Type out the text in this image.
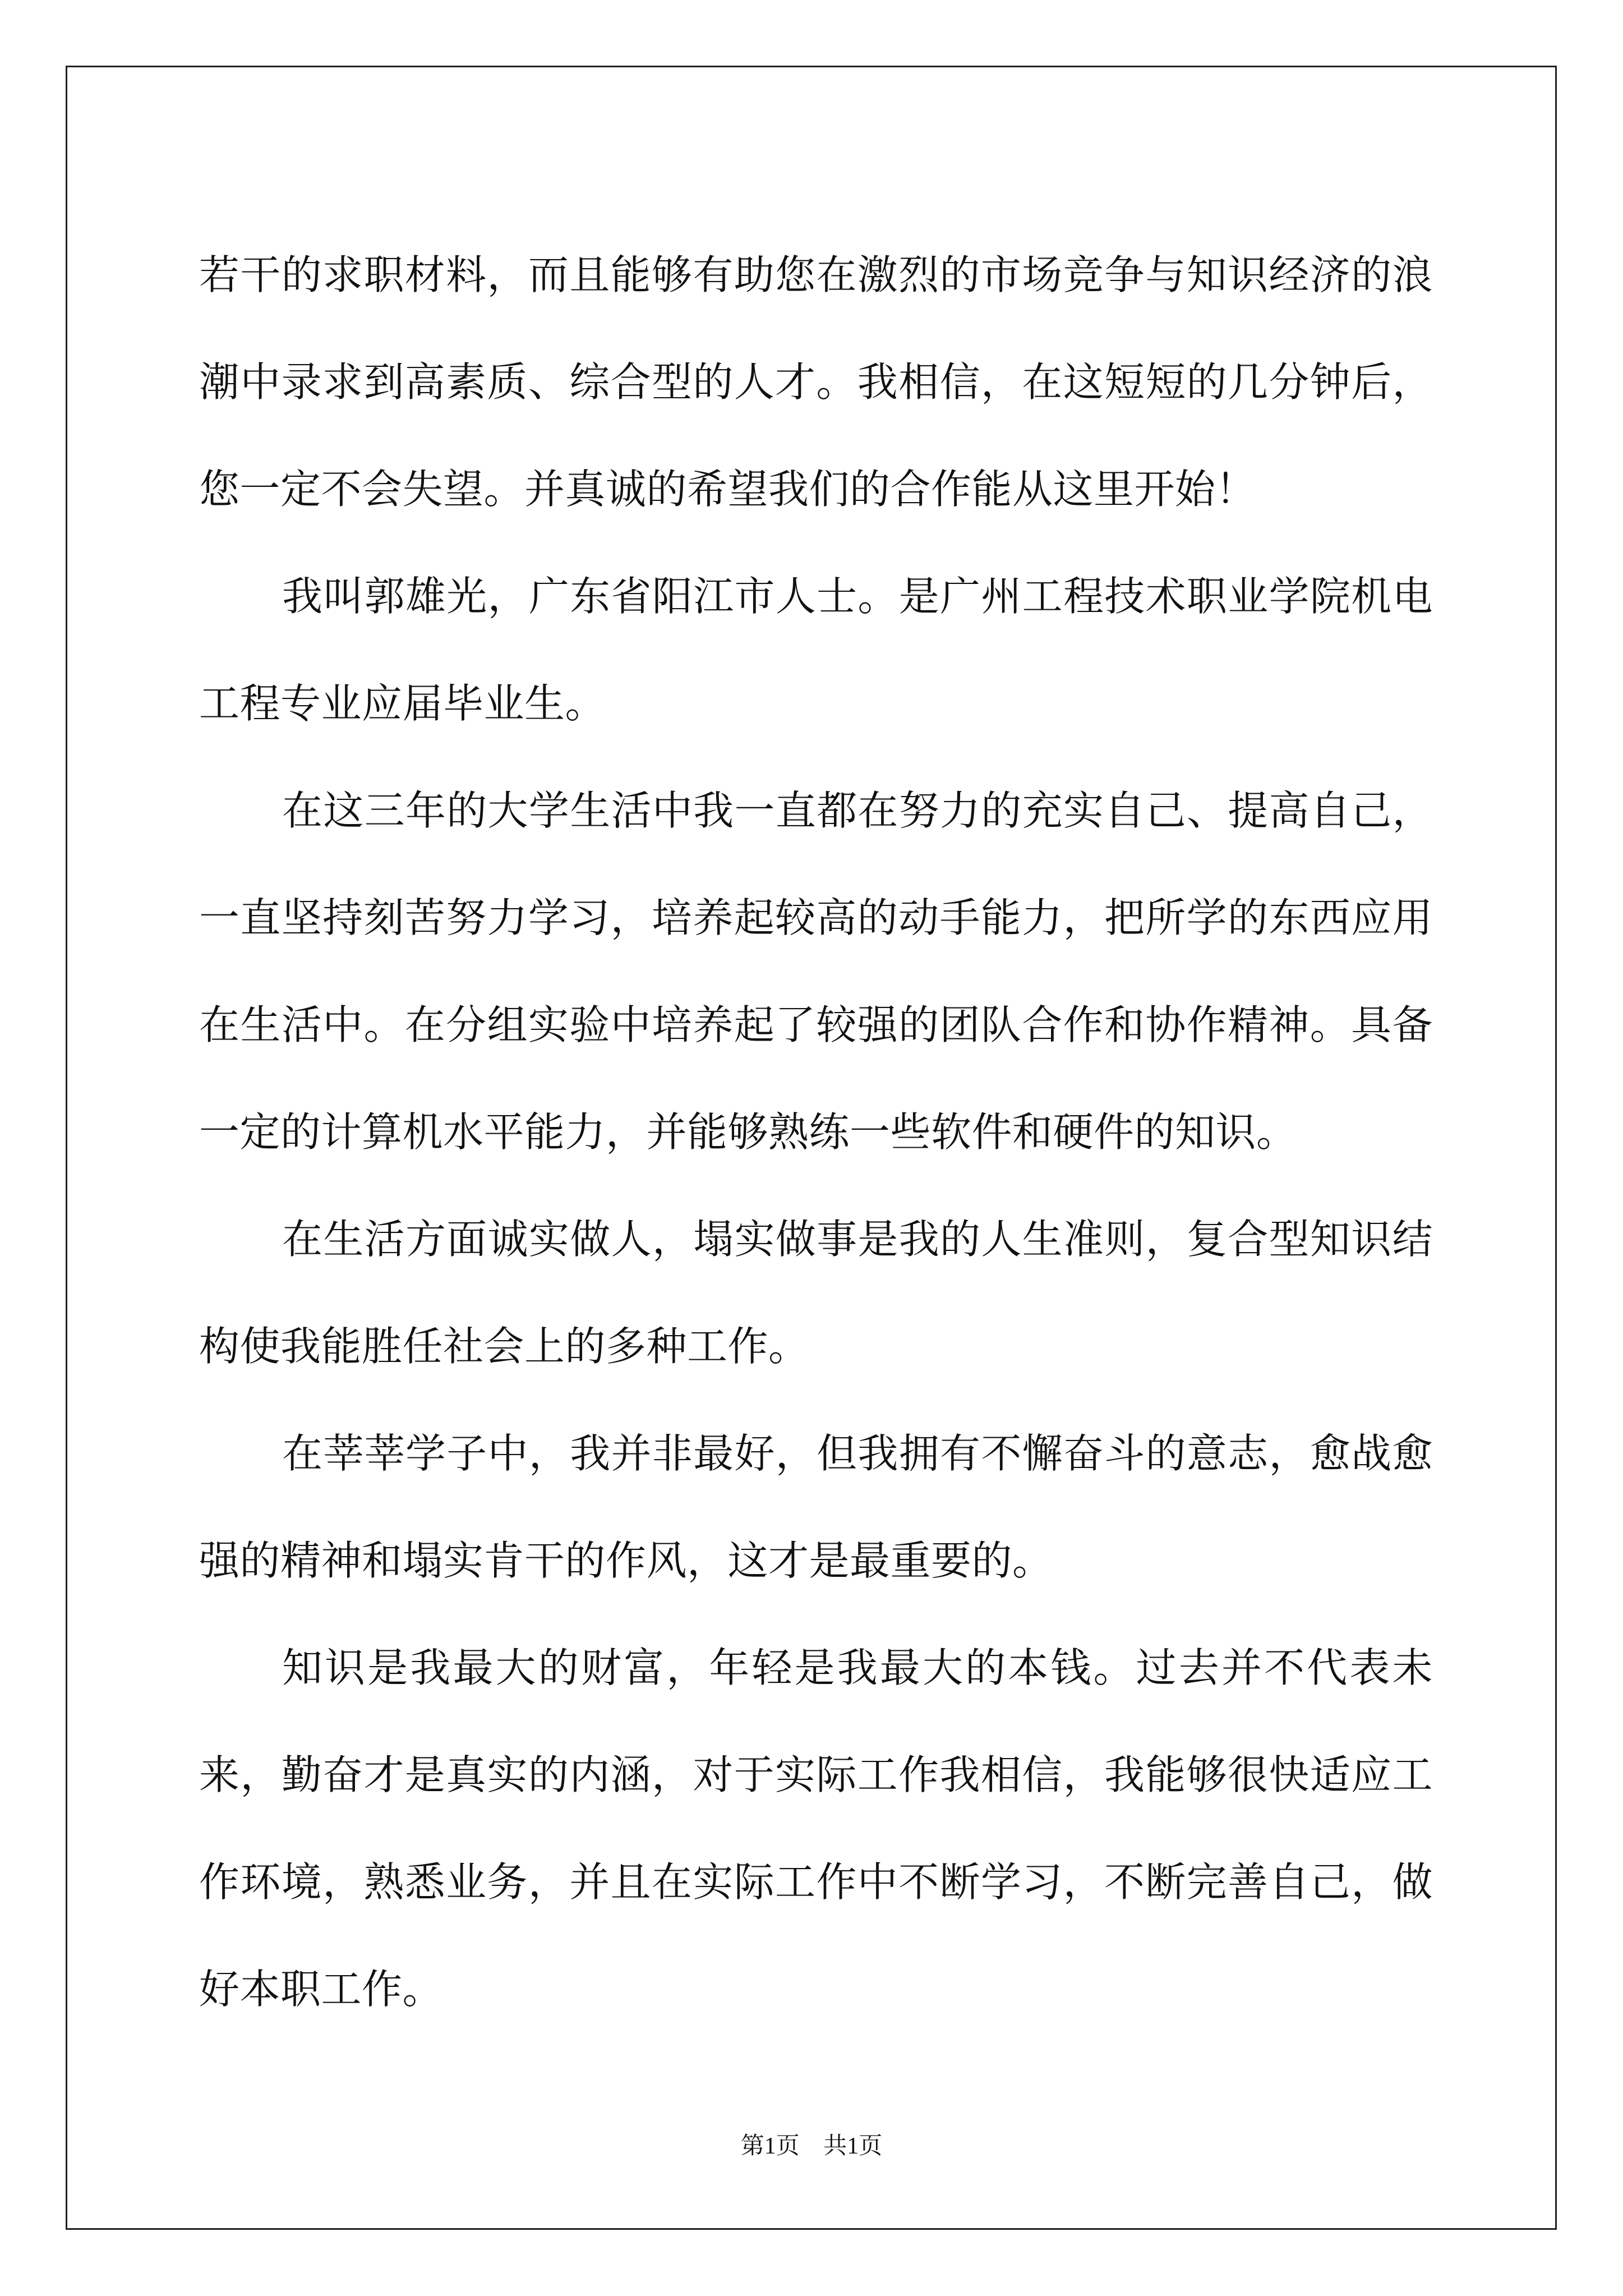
若干的求职材料，而且能够有助您在激烈的市场竞争与知识经济的浪潮中录求到高素质、综合型的人才。我相信，在这短短的几分钟后，您一定不会失望。并真诚的希望我们的合作能从这里开始！

我叫郭雄光，广东省阳江市人士。是广州工程技术职业学院机电工程专业应届毕业生。

在这三年的大学生活中我一直都在努力的充实自己、提高自己，一直坚持刻苦努力学习，培养起较高的动手能力，把所学的东西应用在生活中。在分组实验中培养起了较强的团队合作和协作精神。具备一定的计算机水平能力，并能够熟练一些软件和硬件的知识。

在生活方面诚实做人，塌实做事是我的人生准则，复合型知识结构使我能胜任社会上的多种工作。

在莘莘学子中，我并非最好，但我拥有不懈奋斗的意志，愈战愈强的精神和塌实肯干的作风，这才是最重要的。

知识是我最大的财富，年轻是我最大的本钱。过去并不代表未来，勤奋才是真实的内涵，对于实际工作我相信，我能够很快适应工作环境，熟悉业务，并且在实际工作中不断学习，不断完善自己，做好本职工作。

第1页 共1页
